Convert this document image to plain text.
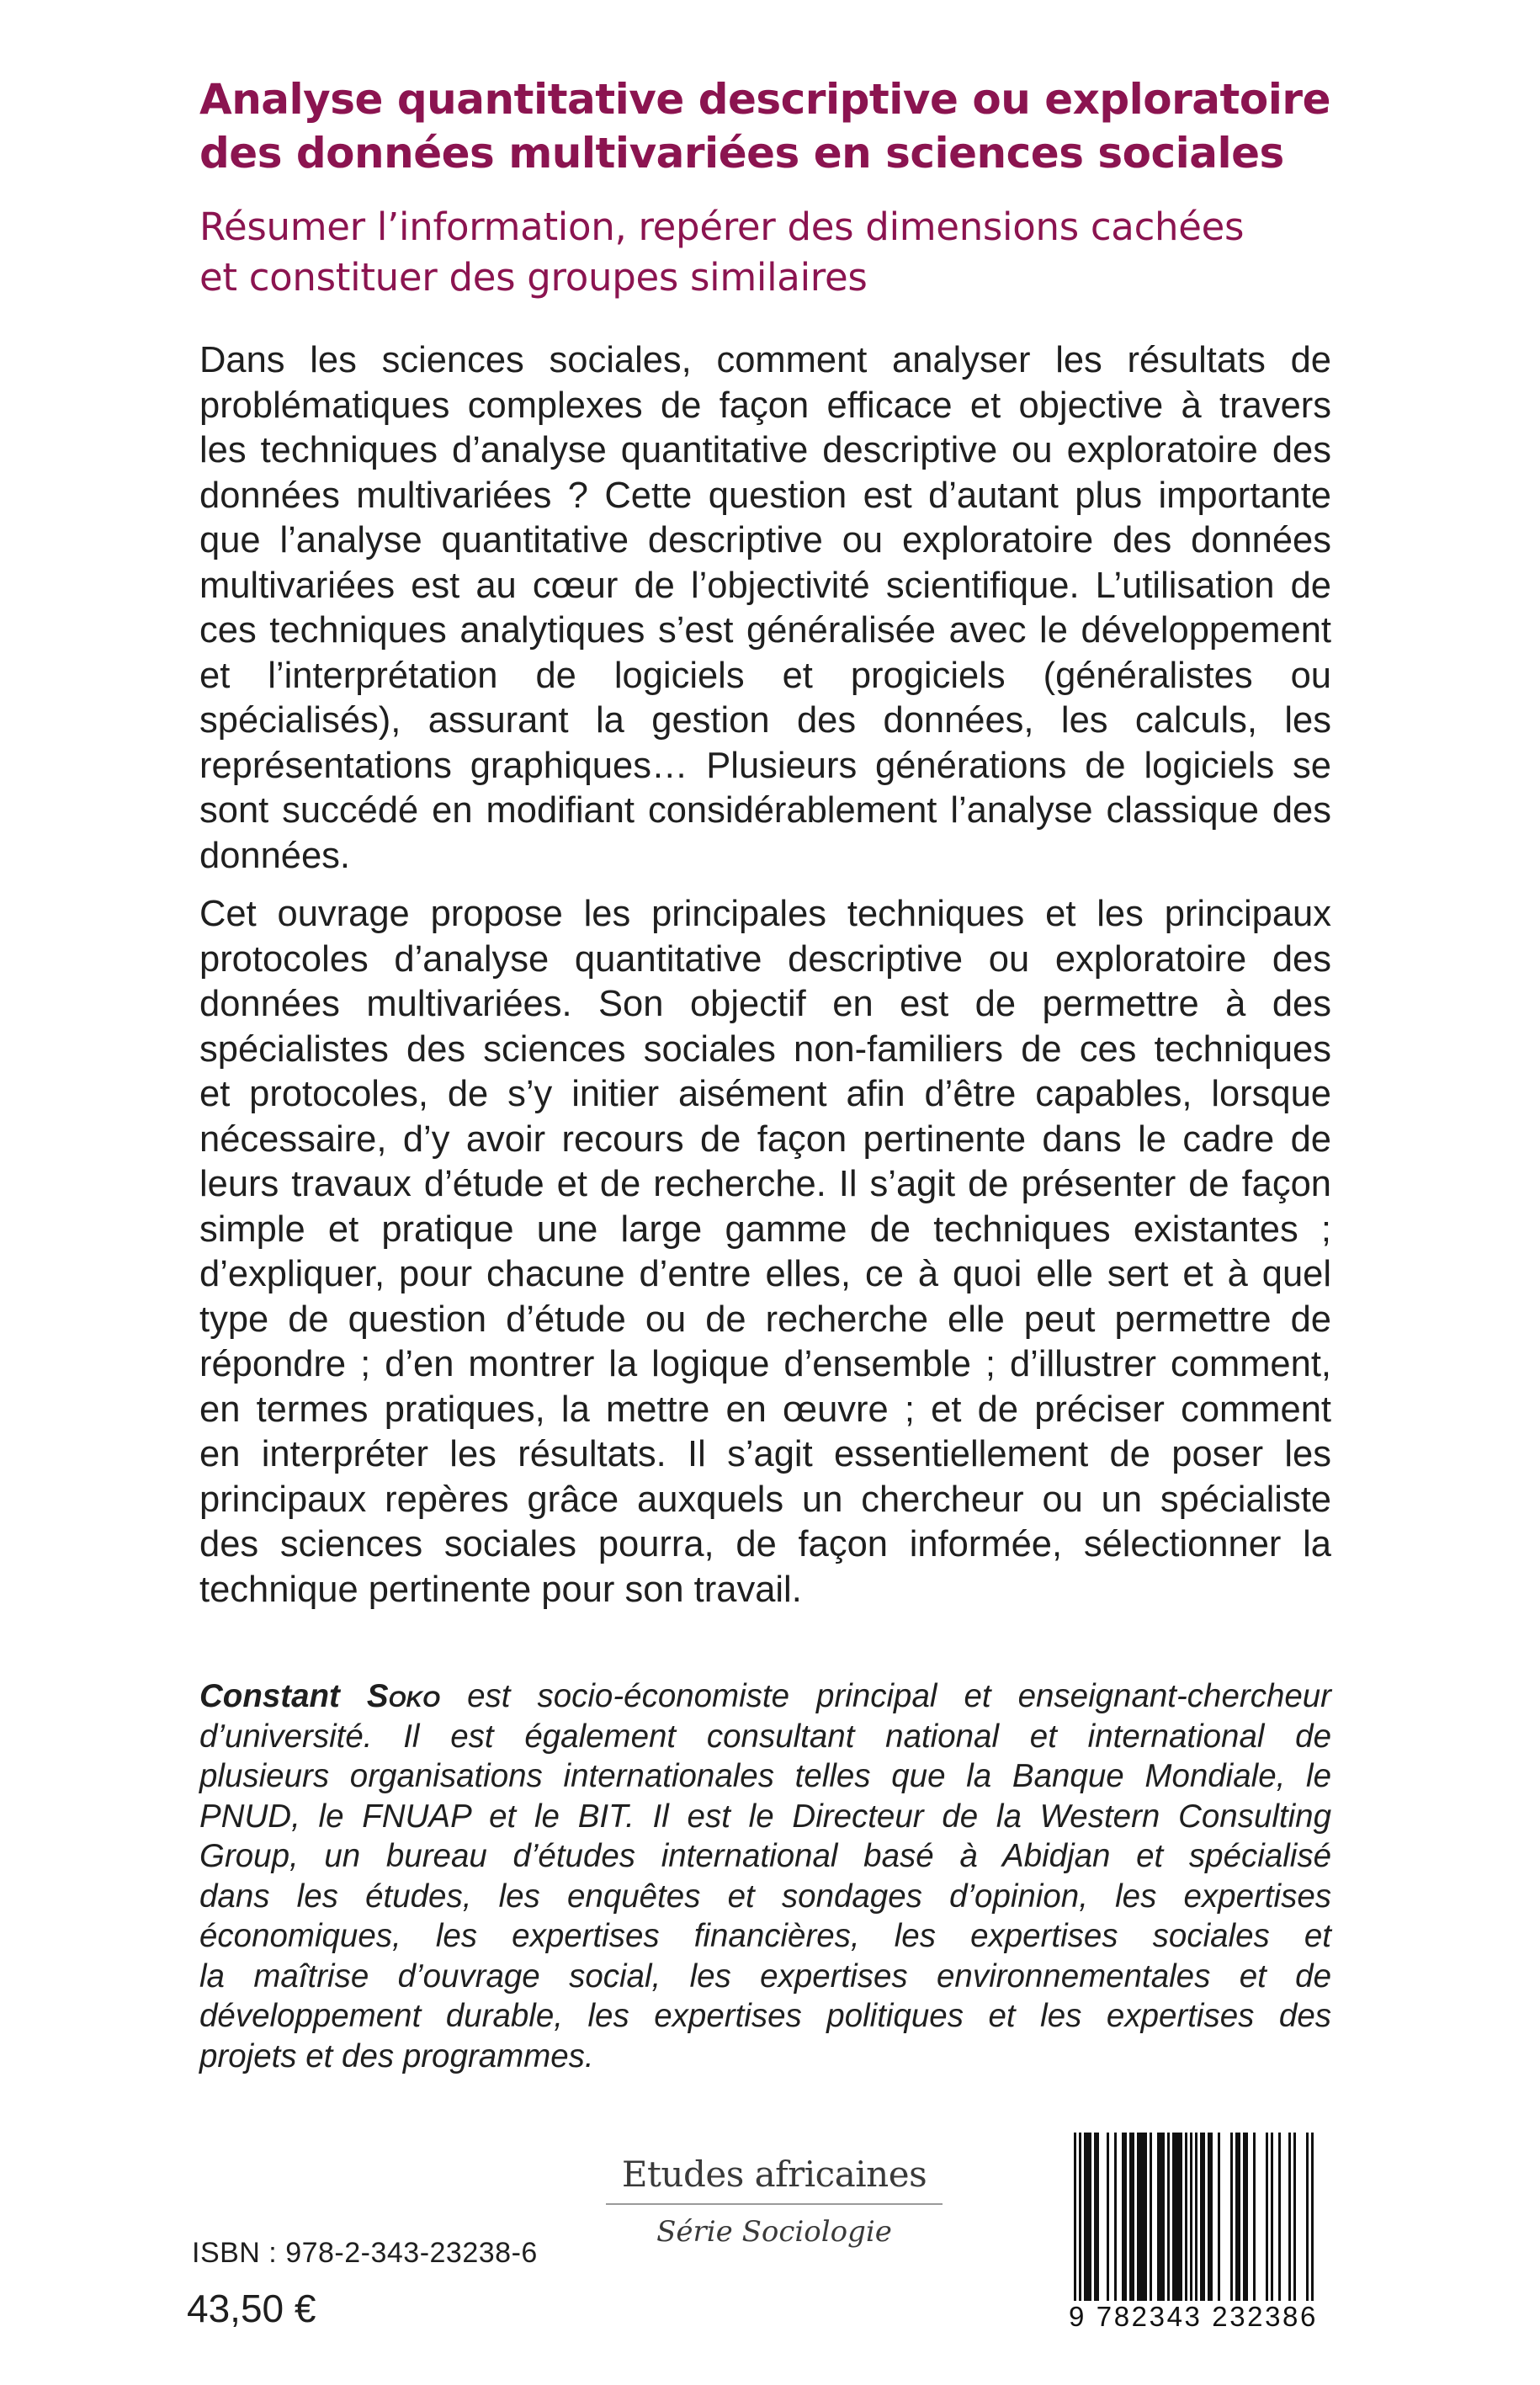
Analyse quantitative descriptive ou exploratoire
des données multivariées en sciences sociales
Résumer l’information, repérer des dimensions cachées
et constituer des groupes similaires
Dans les sciences sociales, comment analyser les résultats de
problématiques complexes de façon efficace et objective à travers
les techniques d’analyse quantitative descriptive ou exploratoire des
données multivariées ? Cette question est d’autant plus importante
que l’analyse quantitative descriptive ou exploratoire des données
multivariées est au cœur de l’objectivité scientifique. L’utilisation de
ces techniques analytiques s’est généralisée avec le développement
et l’interprétation de logiciels et progiciels (généralistes ou
spécialisés), assurant la gestion des données, les calculs, les
représentations graphiques… Plusieurs générations de logiciels se
sont succédé en modifiant considérablement l’analyse classique des
données.
Cet ouvrage propose les principales techniques et les principaux
protocoles d’analyse quantitative descriptive ou exploratoire des
données multivariées. Son objectif en est de permettre à des
spécialistes des sciences sociales non-familiers de ces techniques
et protocoles, de s’y initier aisément afin d’être capables, lorsque
nécessaire, d’y avoir recours de façon pertinente dans le cadre de
leurs travaux d’étude et de recherche. Il s’agit de présenter de façon
simple et pratique une large gamme de techniques existantes ;
d’expliquer, pour chacune d’entre elles, ce à quoi elle sert et à quel
type de question d’étude ou de recherche elle peut permettre de
répondre ; d’en montrer la logique d’ensemble ; d’illustrer comment,
en termes pratiques, la mettre en œuvre ; et de préciser comment
en interpréter les résultats. Il s’agit essentiellement de poser les
principaux repères grâce auxquels un chercheur ou un spécialiste
des sciences sociales pourra, de façon informée, sélectionner la
technique pertinente pour son travail.
Constant Soko est socio-économiste principal et enseignant-chercheur
d’université. Il est également consultant national et international de
plusieurs organisations internationales telles que la Banque Mondiale, le
PNUD, le FNUAP et le BIT. Il est le Directeur de la Western Consulting
Group, un bureau d’études international basé à Abidjan et spécialisé
dans les études, les enquêtes et sondages d’opinion, les expertises
économiques, les expertises financières, les expertises sociales et
la maîtrise d’ouvrage social, les expertises environnementales et de
développement durable, les expertises politiques et les expertises des
projets et des programmes.
Etudes africaines
Série Sociologie
ISBN : 978-2-343-23238-6
43,50 €	9 782343 232386
